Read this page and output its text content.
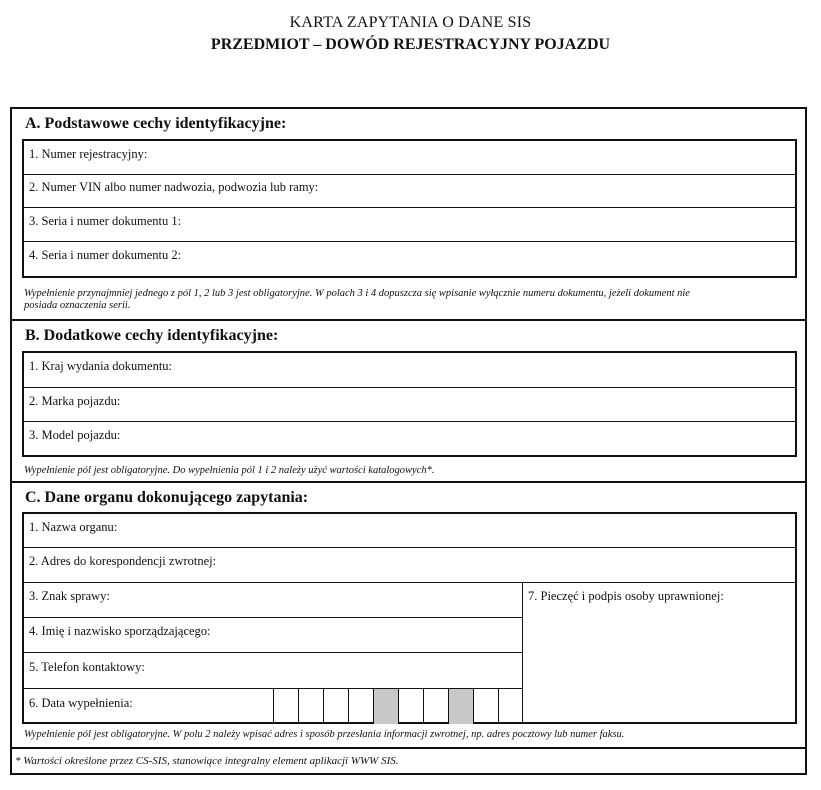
KARTA ZAPYTANIA O DANE SIS
PRZEDMIOT – DOWÓD REJESTRACYJNY POJAZDU
A. Podstawowe cechy identyfikacyjne:
1. Numer rejestracyjny:
2. Numer VIN albo numer nadwozia, podwozia lub ramy:
3. Seria i numer dokumentu 1:
4. Seria i numer dokumentu 2:
Wypełnienie przynajmniej jednego z pól 1, 2 lub 3 jest obligatoryjne. W polach 3 i 4 dopuszcza się wpisanie wyłącznie numeru dokumentu, jeżeli dokument nie
posiada oznaczenia serii.
B. Dodatkowe cechy identyfikacyjne:
1. Kraj wydania dokumentu:
2. Marka pojazdu:
3. Model pojazdu:
Wypełnienie pól jest obligatoryjne. Do wypełnienia pól 1 i 2 należy użyć wartości katalogowych*.
C. Dane organu dokonującego zapytania:
1. Nazwa organu:
2. Adres do korespondencji zwrotnej:
3. Znak sprawy:
4. Imię i nazwisko sporządzającego:
5. Telefon kontaktowy:
6. Data wypełnienia:
7. Pieczęć i podpis osoby uprawnionej:
Wypełnienie pól jest obligatoryjne. W polu 2 należy wpisać adres i sposób przesłania informacji zwrotnej, np. adres pocztowy lub numer faksu.
* Wartości określone przez CS-SIS, stanowiące integralny element aplikacji WWW SIS.
